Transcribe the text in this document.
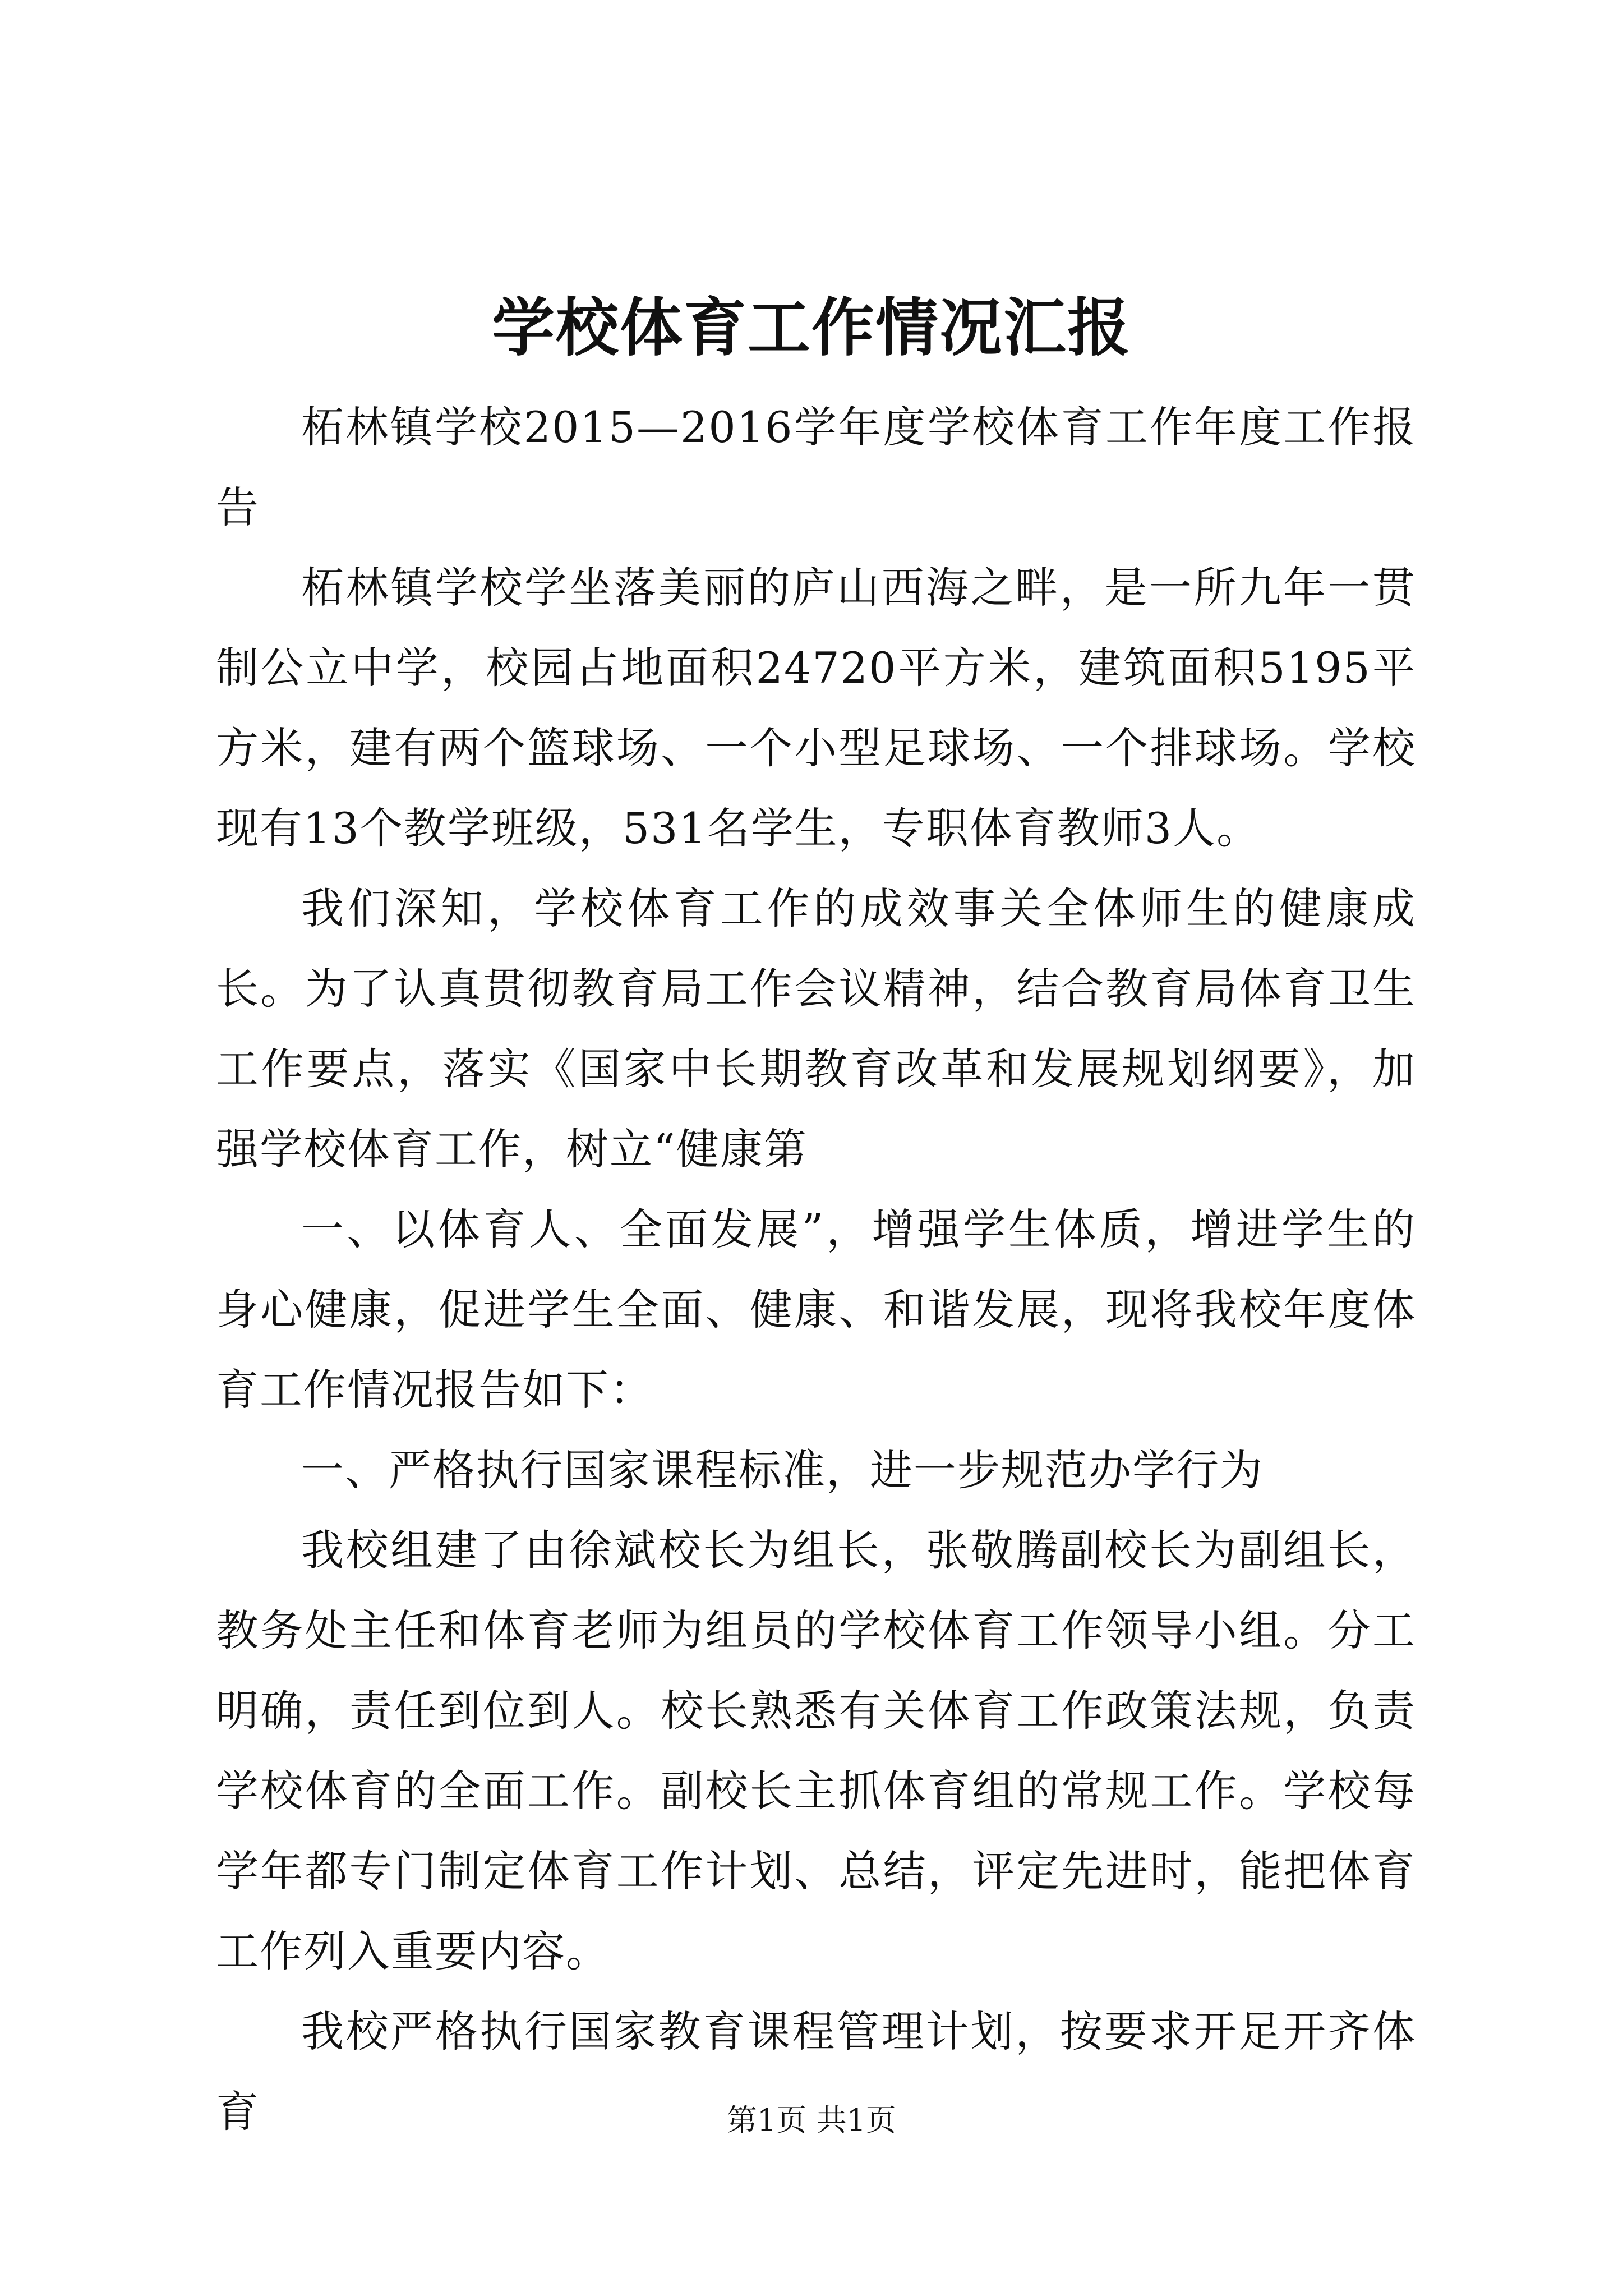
学校体育工作情况汇报

柘林镇学校2015—2016学年度学校体育工作年度工作报告

柘林镇学校学坐落美丽的庐山西海之畔，是一所九年一贯制公立中学，校园占地面积24720平方米，建筑面积5195平方米，建有两个篮球场、一个小型足球场、一个排球场。学校现有13个教学班级，531名学生，专职体育教师3人。

我们深知，学校体育工作的成效事关全体师生的健康成长。为了认真贯彻教育局工作会议精神，结合教育局体育卫生工作要点，落实《国家中长期教育改革和发展规划纲要》，加强学校体育工作，树立“健康第

一、以体育人、全面发展”，增强学生体质，增进学生的身心健康，促进学生全面、健康、和谐发展，现将我校年度体育工作情况报告如下：

一、严格执行国家课程标准，进一步规范办学行为

我校组建了由徐斌校长为组长，张敬腾副校长为副组长，教务处主任和体育老师为组员的学校体育工作领导小组。分工明确，责任到位到人。校长熟悉有关体育工作政策法规，负责学校体育的全面工作。副校长主抓体育组的常规工作。学校每学年都专门制定体育工作计划、总结，评定先进时，能把体育工作列入重要内容。

我校严格执行国家教育课程管理计划，按要求开足开齐体育	第1页 共1页
